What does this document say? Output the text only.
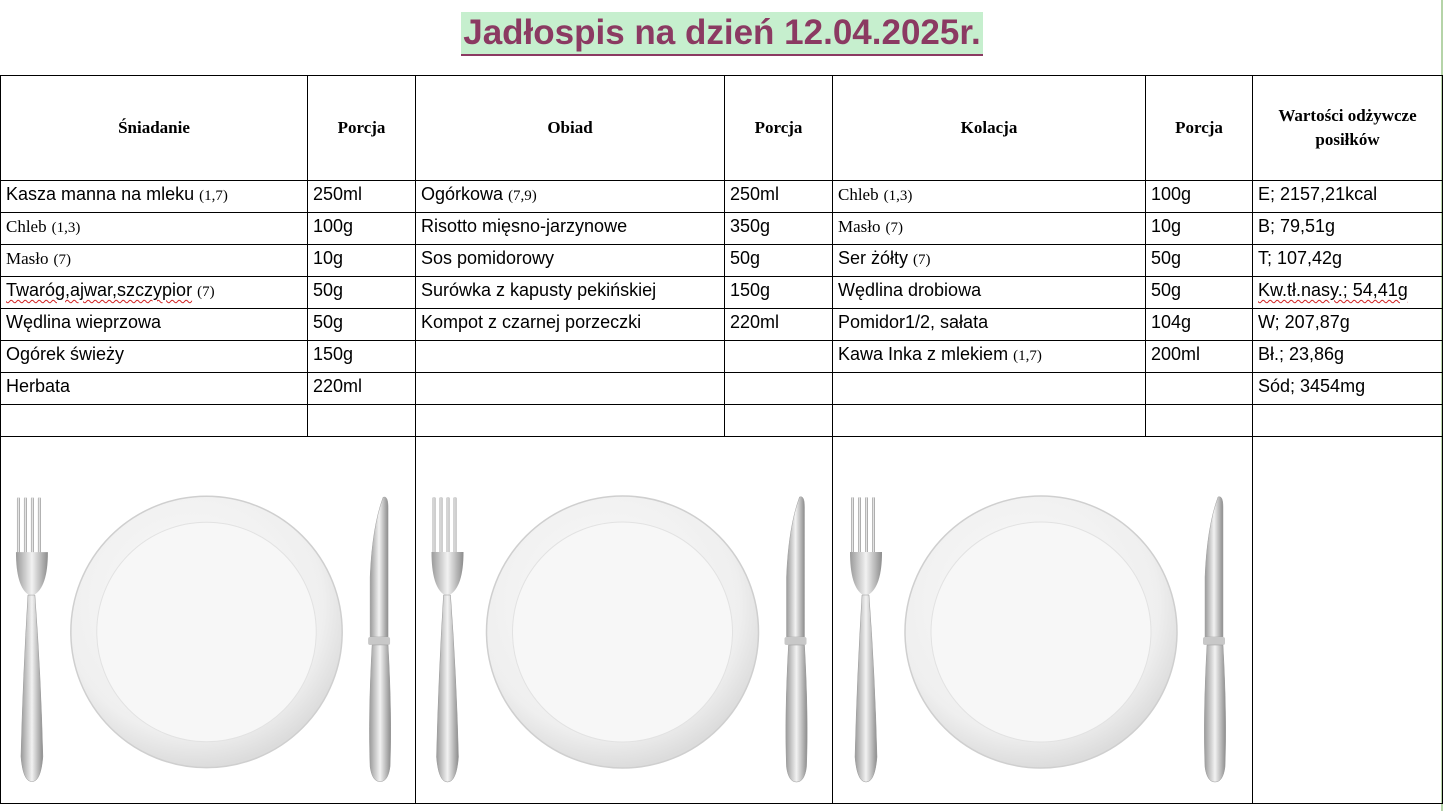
Jadłospis na dzień 12.04.2025r.
Śniadanie	Porcja	Obiad	Porcja	Kolacja	Porcja	Wartości odżywcze posiłków
Kasza manna na mleku (1,7)	250ml	Ogórkowa (7,9)	250ml	Chleb (1,3)	100g	E; 2157,21kcal
Chleb (1,3)	100g	Risotto mięsno-jarzynowe	350g	Masło (7)	10g	B; 79,51g
Masło (7)	10g	Sos pomidorowy	50g	Ser żółty (7)	50g	T; 107,42g
Twaróg,ajwar,szczypior (7)	50g	Surówka z kapusty pekińskiej	150g	Wędlina drobiowa	50g	Kw.tł.nasy.; 54,41g
Wędlina wieprzowa	50g	Kompot z czarnej porzeczki	220ml	Pomidor1/2, sałata	104g	W; 207,87g
Ogórek świeży	150g			Kawa Inka z mlekiem (1,7)	200ml	Bł.; 23,86g
Herbata	220ml					Sód; 3454mg
